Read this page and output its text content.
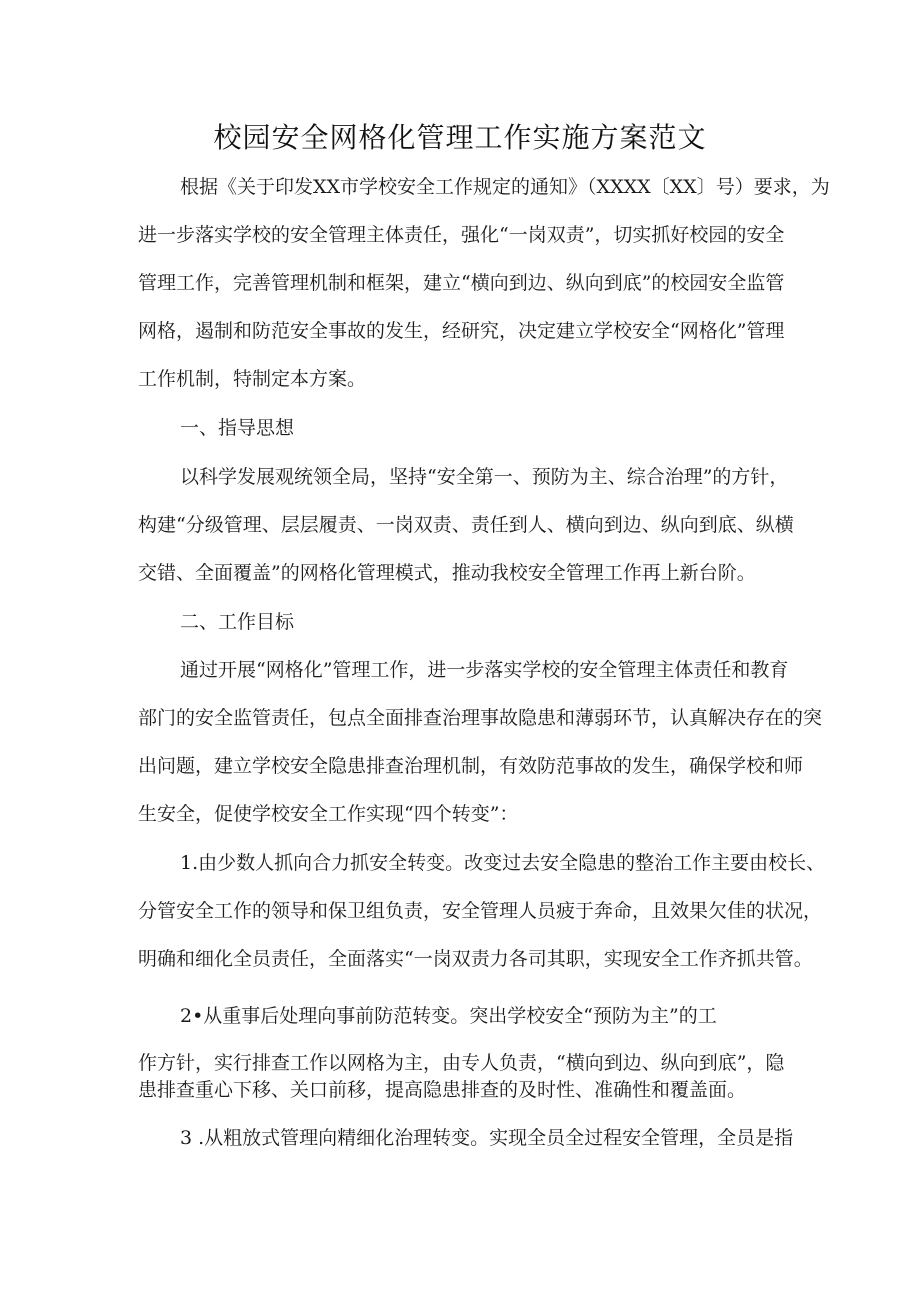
校园安全网格化管理工作实施方案范文
根据《关于印发XX市学校安全工作规定的通知》（XXXX〔XX〕号）要求，为
进一步落实学校的安全管理主体责任，强化“一岗双责”，切实抓好校园的安全
管理工作，完善管理机制和框架，建立“横向到边、纵向到底”的校园安全监管
网格，遏制和防范安全事故的发生，经研究，决定建立学校安全“网格化”管理
工作机制，特制定本方案。
一、指导思想
以科学发展观统领全局，坚持“安全第一、预防为主、综合治理”的方针，
构建“分级管理、层层履责、一岗双责、责任到人、横向到边、纵向到底、纵横
交错、全面覆盖”的网格化管理模式，推动我校安全管理工作再上新台阶。
二、工作目标
通过开展“网格化”管理工作，进一步落实学校的安全管理主体责任和教育
部门的安全监管责任，包点全面排查治理事故隐患和薄弱环节，认真解决存在的突
出问题，建立学校安全隐患排查治理机制，有效防范事故的发生，确保学校和师
生安全，促使学校安全工作实现“四个转变”：
1.由少数人抓向合力抓安全转变。改变过去安全隐患的整治工作主要由校长、
分管安全工作的领导和保卫组负责，安全管理人员疲于奔命，且效果欠佳的状况，
明确和细化全员责任，全面落实“一岗双责力各司其职，实现安全工作齐抓共管。
2•从重事后处理向事前防范转变。突出学校安全“预防为主”的工
作方针，实行排查工作以网格为主，由专人负责，“横向到边、纵向到底”，隐
患排查重心下移、关口前移，提高隐患排查的及时性、准确性和覆盖面。
3 .从粗放式管理向精细化治理转变。实现全员全过程安全管理，全员是指
